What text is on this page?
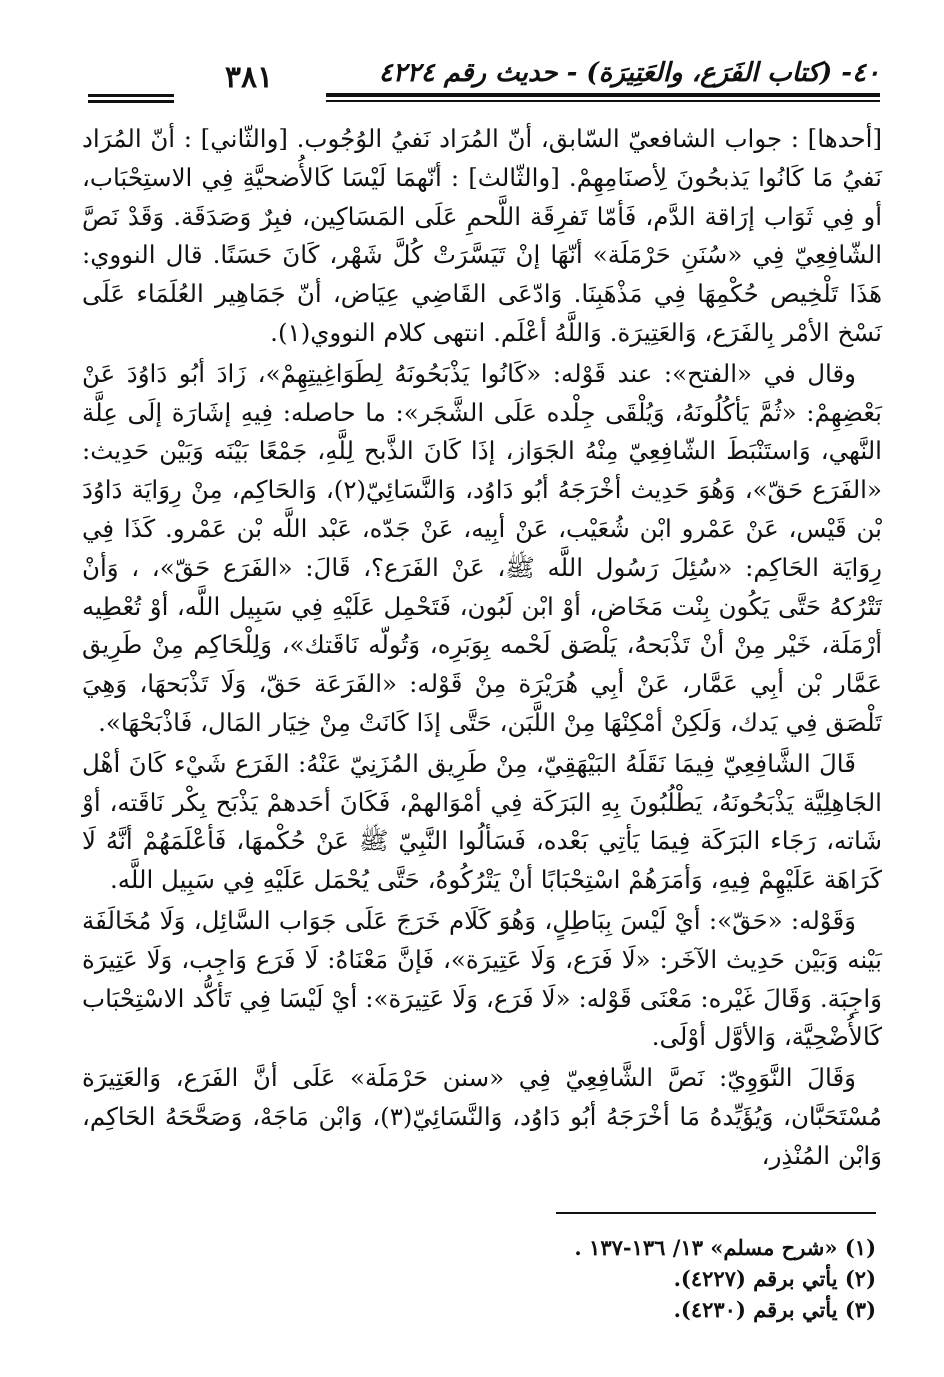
٣٨١	٤٠- (كتاب الفَرَع، والعَتِيرَة) - حديث رقم ٤٢٢٤

[أحدها] : جواب الشافعيّ السّابق، أنّ المُرَاد نَفيُ الوُجُوب. [والثّاني] : أنّ المُرَاد نَفيُ مَا كَانُوا يَذبحُونَ لِأصنَامِهِمْ. [والثّالث] : أنّهمَا لَيْسَا كَالأُضحيَّةِ فِي الاستِحْبَاب، أو فِي ثَوَاب إرَاقة الدَّم، فَأمّا تَفرِقَة اللَّحمِ عَلَى المَسَاكِين، فبِرٌ وَصَدَقَة. وَقَدْ نَصَّ الشّافِعِيّ فِي «سُنَنِ حَرْمَلَة» أنّهَا إنْ تَيَسَّرَتْ كُلَّ شَهْر، كَانَ حَسَنًا. قال النووي: هَذَا تَلْخِيص حُكْمِهَا فِي مَذْهَبِنَا. وَادّعَى القَاضِي عِيَاض، أنّ جَمَاهِير العُلَمَاء عَلَى نَسْخ الأمْر بِالفَرَع، وَالعَتِيرَة. وَاللَّهُ أعْلَم. انتهى كلام النووي(١).

وقال في «الفتح»: عند قَوْله: «كَانُوا يَذْبَحُونَهُ لِطَوَاغِيتِهِمْ»، زَادَ أبُو دَاوُدَ عَنْ بَعْضِهِمْ: «ثُمَّ يَأكُلُونَهُ، وَيُلْقَى جِلْده عَلَى الشَّجَر»: ما حاصله: فِيهِ إشَارَة إلَى عِلَّة النَّهي، وَاستَنْبَطَ الشّافِعِيّ مِنْهُ الجَوَاز، إذَا كَانَ الذَّبح لِلَّهِ، جَمْعًا بَيْنَه وَبَيْن حَدِيث: «الفَرَع حَقّ»، وَهُوَ حَدِيث أخْرَجَهُ أبُو دَاوُد، وَالنَّسَائِيّ(٢)، وَالحَاكِم، مِنْ رِوَايَة دَاوُدَ بْن قَيْس، عَنْ عَمْرو ابْن شُعَيْب، عَنْ أبِيه، عَنْ جَدّه، عَبْد اللَّه بْن عَمْرو. كَذَا فِي رِوَايَة الحَاكِم: «سُئِلَ رَسُول اللَّه ﷺ، عَنْ الفَرَع؟، قَالَ: «الفَرَع حَقّ»، ، وَأنْ تَتْرُكهُ حَتَّى يَكُون بِنْت مَخَاض، أوْ ابْن لَبُون، فَتَحْمِل عَلَيْهِ فِي سَبِيل اللَّه، أوْ تُعْطِيه أرْمَلَة، خَيْر مِنْ أنْ تَذْبَحهُ، يَلْصَق لَحْمه بِوَبَرِه، وَتُولّه نَاقَتك»، وَلِلْحَاكِم مِنْ طَرِيق عَمَّار بْن أبِي عَمَّار، عَنْ أبِي هُرَيْرَة مِنْ قَوْله: «الفَرَعَة حَقّ، وَلَا تَذْبَحهَا، وَهِيَ تَلْصَق فِي يَدك، وَلَكِنْ أمْكِنْهَا مِنْ اللَّبَن، حَتَّى إذَا كَانَتْ مِنْ خِيَار المَال، فَاذْبَحْهَا».

قَالَ الشَّافِعِيّ فِيمَا نَقَلَهُ البَيْهَقِيّ، مِنْ طَرِيق المُزَنِيّ عَنْهُ: الفَرَع شَيْء كَانَ أهْل الجَاهِلِيَّة يَذْبَحُونَهُ، يَطْلُبُونَ بِهِ البَرَكَة فِي أمْوَالهمْ، فَكَانَ أحَدهمْ يَذْبَح بِكْر نَاقَته، أوْ شَاته، رَجَاء البَرَكَة فِيمَا يَأتِي بَعْده، فَسَألُوا النَّبِيّ ﷺ عَنْ حُكْمهَا، فَأعْلَمَهُمْ أنَّهُ لَا كَرَاهَة عَلَيْهِمْ فِيهِ، وَأمَرَهُمْ اسْتِحْبَابًا أنْ يَتْرُكُوهُ، حَتَّى يُحْمَل عَلَيْهِ فِي سَبِيل اللَّه.

وَقَوْله: «حَقّ»: أيْ لَيْسَ بِبَاطِلٍ، وَهُوَ كَلَام خَرَجَ عَلَى جَوَاب السَّائِل، وَلَا مُخَالَفَة بَيْنه وَبَيْن حَدِيث الآخَر: «لَا فَرَع، وَلَا عَتِيرَة»، فَإنَّ مَعْنَاهُ: لَا فَرَع وَاجِب، وَلَا عَتِيرَة وَاجِبَة. وَقَالَ غَيْره: مَعْنَى قَوْله: «لَا فَرَع، وَلَا عَتِيرَة»: أيْ لَيْسَا فِي تَأكُّد الاسْتِحْبَاب كَالأُضْحِيَّة، وَالأوَّل أوْلَى.

وَقَالَ النَّوَوِيّ: نَصَّ الشَّافِعِيّ فِي «سنن حَرْمَلَة» عَلَى أنَّ الفَرَع، وَالعَتِيرَة مُسْتَحَبَّان، وَيُؤَيِّدهُ مَا أخْرَجَهُ أبُو دَاوُد، وَالنَّسَائِيّ(٣)، وَابْن مَاجَهْ، وَصَحَّحَهُ الحَاكِم، وَابْن المُنْذِر،

(١) «شرح مسلم» ١٣/ ١٣٦-١٣٧ .
(٢) يأتي برقم (٤٢٢٧).
(٣) يأتي برقم (٤٢٣٠).
